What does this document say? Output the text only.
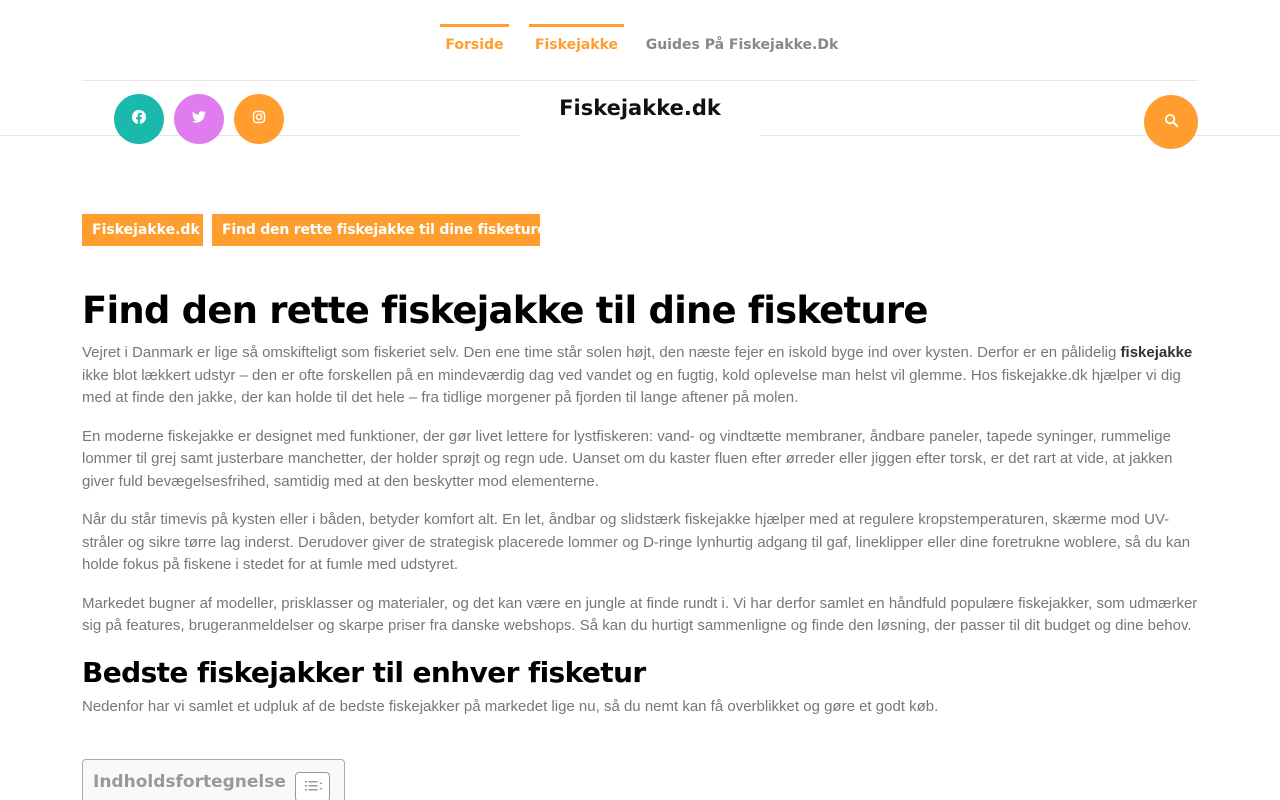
Forside	Fiskejakke	Guides På Fiskejakke.Dk
Fiskejakke.dk
Fiskejakke.dk	Find den rette fiskejakke til dine fisketure
Find den rette fiskejakke til dine fisketure

Vejret i Danmark er lige så omskifteligt som fiskeriet selv. Den ene time står solen højt, den næste fejer en iskold byge ind over kysten. Derfor er en pålidelig fiskejakke ikke blot lækkert udstyr – den er ofte forskellen på en mindeværdig dag ved vandet og en fugtig, kold oplevelse man helst vil glemme. Hos fiskejakke.dk hjælper vi dig med at finde den jakke, der kan holde til det hele – fra tidlige morgener på fjorden til lange aftener på molen.

En moderne fiskejakke er designet med funktioner, der gør livet lettere for lystfiskeren: vand- og vindtætte membraner, åndbare paneler, tapede syninger, rummelige lommer til grej samt justerbare manchetter, der holder sprøjt og regn ude. Uanset om du kaster fluen efter ørreder eller jiggen efter torsk, er det rart at vide, at jakken giver fuld bevægelsesfrihed, samtidig med at den beskytter mod elementerne.

Når du står timevis på kysten eller i båden, betyder komfort alt. En let, åndbar og slidstærk fiskejakke hjælper med at regulere kropstemperaturen, skærme mod UV-stråler og sikre tørre lag inderst. Derudover giver de strategisk placerede lommer og D-ringe lynhurtig adgang til gaf, lineklipper eller dine foretrukne woblere, så du kan holde fokus på fiskene i stedet for at fumle med udstyret.

Markedet bugner af modeller, prisklasser og materialer, og det kan være en jungle at finde rundt i. Vi har derfor samlet en håndfuld populære fiskejakker, som udmærker sig på features, brugeranmeldelser og skarpe priser fra danske webshops. Så kan du hurtigt sammenligne og finde den løsning, der passer til dit budget og dine behov.

Bedste fiskejakker til enhver fisketur

Nedenfor har vi samlet et udpluk af de bedste fiskejakker på markedet lige nu, så du nemt kan få overblikket og gøre et godt køb.

Indholdsfortegnelse
